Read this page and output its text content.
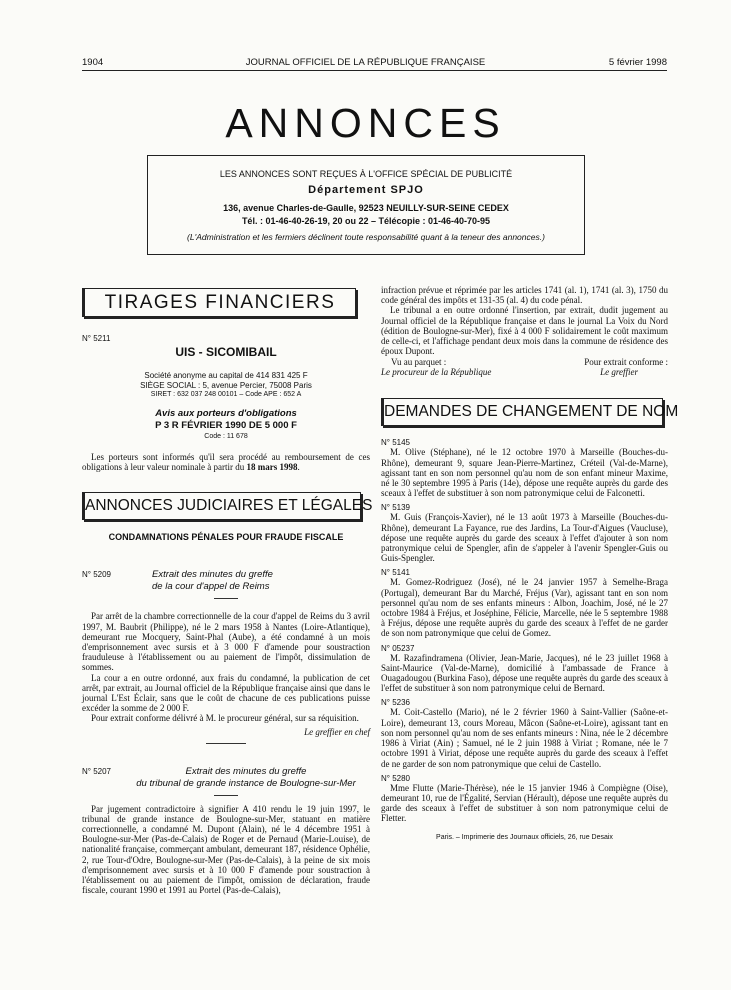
1904	JOURNAL OFFICIEL DE LA RÉPUBLIQUE FRANÇAISE	5 février 1998
ANNONCES
LES ANNONCES SONT REÇUES À L'OFFICE SPÉCIAL DE PUBLICITÉ
Département SPJO
136, avenue Charles-de-Gaulle, 92523 NEUILLY-SUR-SEINE CEDEX
Tél. : 01-46-40-26-19, 20 ou 22 – Télécopie : 01-46-40-70-95
(L'Administration et les fermiers déclinent toute responsabilité quant à la teneur des annonces.)
TIRAGES FINANCIERS
N° 5211
UIS - SICOMIBAIL
Société anonyme au capital de 414 831 425 F
SIÈGE SOCIAL : 5, avenue Percier, 75008 Paris
SIRET : 632 037 248 00101 – Code APE : 652 A
Avis aux porteurs d'obligations
P 3 R FÉVRIER 1990 DE 5 000 F
Code : 11 678

Les porteurs sont informés qu'il sera procédé au remboursement de ces obligations à leur valeur nominale à partir du 18 mars 1998.

ANNONCES JUDICIAIRES ET LÉGALES
CONDAMNATIONS PÉNALES POUR FRAUDE FISCALE
N° 5209	Extrait des minutes du greffe
de la cour d'appel de Reims

Par arrêt de la chambre correctionnelle de la cour d'appel de Reims du 3 avril 1997, M. Baubrit (Philippe), né le 2 mars 1958 à Nantes (Loire-Atlantique), demeurant rue Mocquery, Saint-Phal (Aube), a été condamné à un mois d'emprisonnement avec sursis et à 3 000 F d'amende pour soustraction frauduleuse à l'établissement ou au paiement de l'impôt, dissimulation de sommes.

La cour a en outre ordonné, aux frais du condamné, la publication de cet arrêt, par extrait, au Journal officiel de la République française ainsi que dans le journal L'Est Éclair, sans que le coût de chacune de ces publications puisse excéder la somme de 2 000 F.

Pour extrait conforme délivré à M. le procureur général, sur sa réquisition.

Le greffier en chef
N° 5207	Extrait des minutes du greffe
du tribunal de grande instance de Boulogne-sur-Mer

Par jugement contradictoire à signifier A 410 rendu le 19 juin 1997, le tribunal de grande instance de Boulogne-sur-Mer, statuant en matière correctionnelle, a condamné M. Dupont (Alain), né le 4 décembre 1951 à Boulogne-sur-Mer (Pas-de-Calais) de Roger et de Pernaud (Marie-Louise), de nationalité française, commerçant ambulant, demeurant 187, résidence Ophélie, 2, rue Tour-d'Odre, Boulogne-sur-Mer (Pas-de-Calais), à la peine de six mois d'emprisonnement avec sursis et à 10 000 F d'amende pour soustraction à l'établissement ou au paiement de l'impôt, omission de déclaration, fraude fiscale, courant 1990 et 1991 au Portel (Pas-de-Calais),

infraction prévue et réprimée par les articles 1741 (al. 1), 1741 (al. 3), 1750 du code général des impôts et 131-35 (al. 4) du code pénal.

Le tribunal a en outre ordonné l'insertion, par extrait, dudit jugement au Journal officiel de la République française et dans le journal La Voix du Nord (édition de Boulogne-sur-Mer), fixé à 4 000 F solidairement le coût maximum de celle-ci, et l'affichage pendant deux mois dans la commune de résidence des époux Dupont.

Vu au parquet :	Pour extrait conforme :
Le procureur de la République	Le greffier
DEMANDES DE CHANGEMENT DE NOM
N° 5145

M. Olive (Stéphane), né le 12 octobre 1970 à Marseille (Bouches-du-Rhône), demeurant 9, square Jean-Pierre-Martinez, Créteil (Val-de-Marne), agissant tant en son nom personnel qu'au nom de son enfant mineur Maxime, né le 30 septembre 1995 à Paris (14e), dépose une requête auprès du garde des sceaux à l'effet de substituer à son nom patronymique celui de Falconetti.

N° 5139

M. Guis (François-Xavier), né le 13 août 1973 à Marseille (Bouches-du-Rhône), demeurant La Fayance, rue des Jardins, La Tour-d'Aigues (Vaucluse), dépose une requête auprès du garde des sceaux à l'effet d'ajouter à son nom patronymique celui de Spengler, afin de s'appeler à l'avenir Spengler-Guis ou Guis-Spengler.

N° 5141

M. Gomez-Rodriguez (José), né le 24 janvier 1957 à Semelhe-Braga (Portugal), demeurant Bar du Marché, Fréjus (Var), agissant tant en son nom personnel qu'au nom de ses enfants mineurs : Albon, Joachim, José, né le 27 octobre 1984 à Fréjus, et Joséphine, Félicie, Marcelle, née le 5 septembre 1988 à Fréjus, dépose une requête auprès du garde des sceaux à l'effet de ne garder de son nom patronymique que celui de Gomez.

N° 05237

M. Razafindramena (Olivier, Jean-Marie, Jacques), né le 23 juillet 1968 à Saint-Maurice (Val-de-Marne), domicilié à l'ambassade de France à Ouagadougou (Burkina Faso), dépose une requête auprès du garde des sceaux à l'effet de substituer à son nom patronymique celui de Bernard.

N° 5236

M. Coit-Castello (Mario), né le 2 février 1960 à Saint-Vallier (Saône-et-Loire), demeurant 13, cours Moreau, Mâcon (Saône-et-Loire), agissant tant en son nom personnel qu'au nom de ses enfants mineurs : Nina, née le 2 décembre 1986 à Viriat (Ain) ; Samuel, né le 2 juin 1988 à Viriat ; Romane, née le 7 octobre 1991 à Viriat, dépose une requête auprès du garde des sceaux à l'effet de ne garder de son nom patronymique que celui de Castello.

N° 5280

Mme Flutte (Marie-Thérèse), née le 15 janvier 1946 à Compiègne (Oise), demeurant 10, rue de l'Égalité, Servian (Hérault), dépose une requête auprès du garde des sceaux à l'effet de substituer à son nom patronymique celui de Fletter.

Paris. – Imprimerie des Journaux officiels, 26, rue Desaix
